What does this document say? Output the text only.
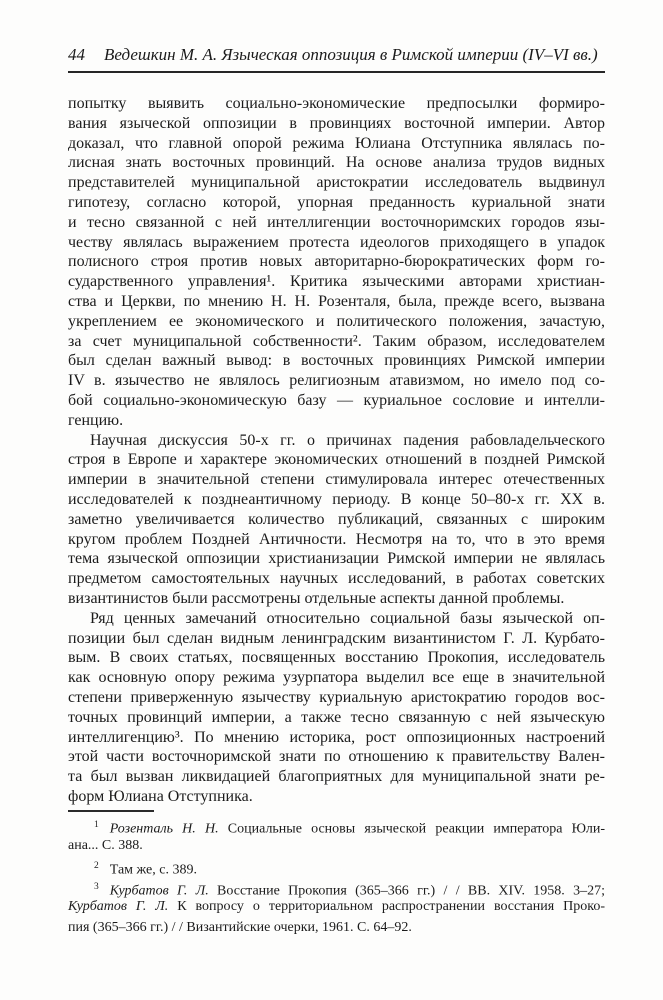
44 Ведешкин М. А. Языческая оппозиция в Римской империи (IV–VI вв.)
попытку выявить социально-экономические предпосылки формиро-
вания языческой оппозиции в провинциях восточной империи. Автор
доказал, что главной опорой режима Юлиана Отступника являлась по-
лисная знать восточных провинций. На основе анализа трудов видных
представителей муниципальной аристократии исследователь выдвинул
гипотезу, согласно которой, упорная преданность куриальной знати
и тесно связанной с ней интеллигенции восточноримских городов язы-
честву являлась выражением протеста идеологов приходящего в упадок
полисного строя против новых авторитарно-бюрократических форм го-
сударственного управления¹. Критика языческими авторами христиан-
ства и Церкви, по мнению Н. Н. Розенталя, была, прежде всего, вызвана
укреплением ее экономического и политического положения, зачастую,
за счет муниципальной собственности². Таким образом, исследователем
был сделан важный вывод: в восточных провинциях Римской империи
IV в. язычество не являлось религиозным атавизмом, но имело под со-
бой социально-экономическую базу — куриальное сословие и интелли-
генцию.
Научная дискуссия 50-х гг. о причинах падения рабовладельческого
строя в Европе и характере экономических отношений в поздней Римской
империи в значительной степени стимулировала интерес отечественных
исследователей к позднеантичному периоду. В конце 50–80-х гг. XX в.
заметно увеличивается количество публикаций, связанных с широким
кругом проблем Поздней Античности. Несмотря на то, что в это время
тема языческой оппозиции христианизации Римской империи не являлась
предметом самостоятельных научных исследований, в работах советских
византинистов были рассмотрены отдельные аспекты данной проблемы.
Ряд ценных замечаний относительно социальной базы языческой оп-
позиции был сделан видным ленинградским византинистом Г. Л. Курбато-
вым. В своих статьях, посвященных восстанию Прокопия, исследователь
как основную опору режима узурпатора выделил все еще в значительной
степени приверженную язычеству куриальную аристократию городов вос-
точных провинций империи, а также тесно связанную с ней языческую
интеллигенцию³. По мнению историка, рост оппозиционных настроений
этой части восточноримской знати по отношению к правительству Вален-
та был вызван ликвидацией благоприятных для муниципальной знати ре-
форм Юлиана Отступника.
$^1$ Розенталь Н. Н. Социальные основы языческой реакции императора Юли-
ана... С. 388.
$^2$ Там же, с. 389.
$^3$ Курбатов Г. Л. Восстание Прокопия (365–366 гг.) / / ВВ. XIV. 1958. 3–27;
Курбатов Г. Л. К вопросу о территориальном распространении восстания Проко-
пия (365–366 гг.) / / Византийские очерки, 1961. С. 64–92.
